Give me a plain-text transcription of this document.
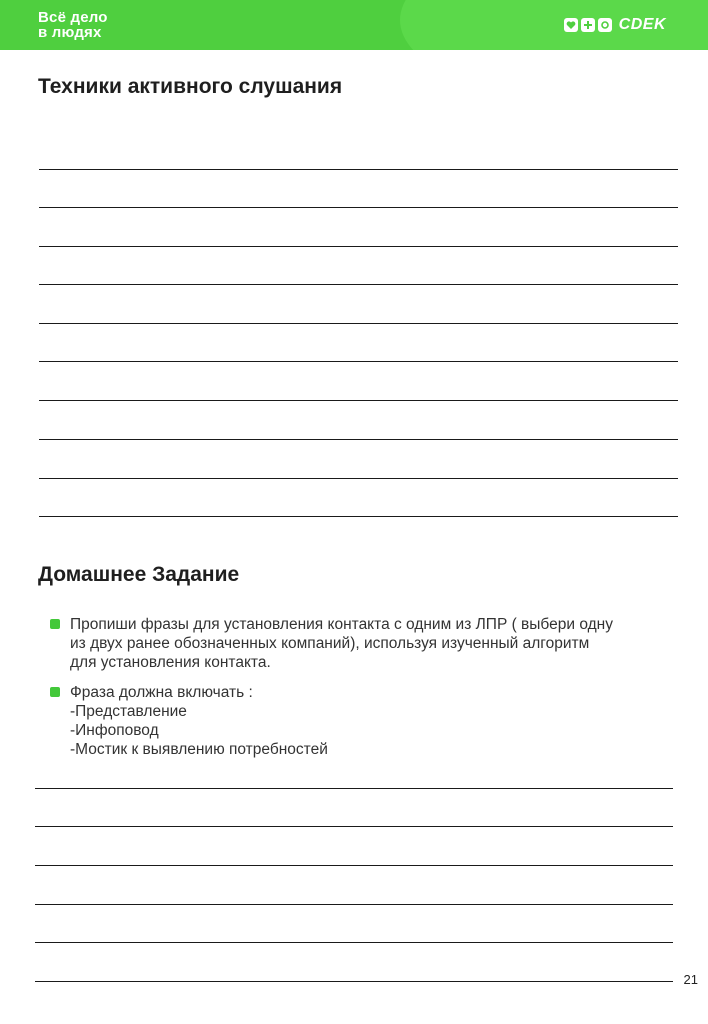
Всё дело
в людях	CDEK
Техники активного слушания
Домашнее Задание
Пропиши фразы для установления контакта с одним из ЛПР ( выбери одну
из двух ранее обозначенных компаний), используя изученный алгоритм
для установления контакта.
Фраза должна включать :
-Представление
-Инфоповод
-Мостик к выявлению потребностей
21
